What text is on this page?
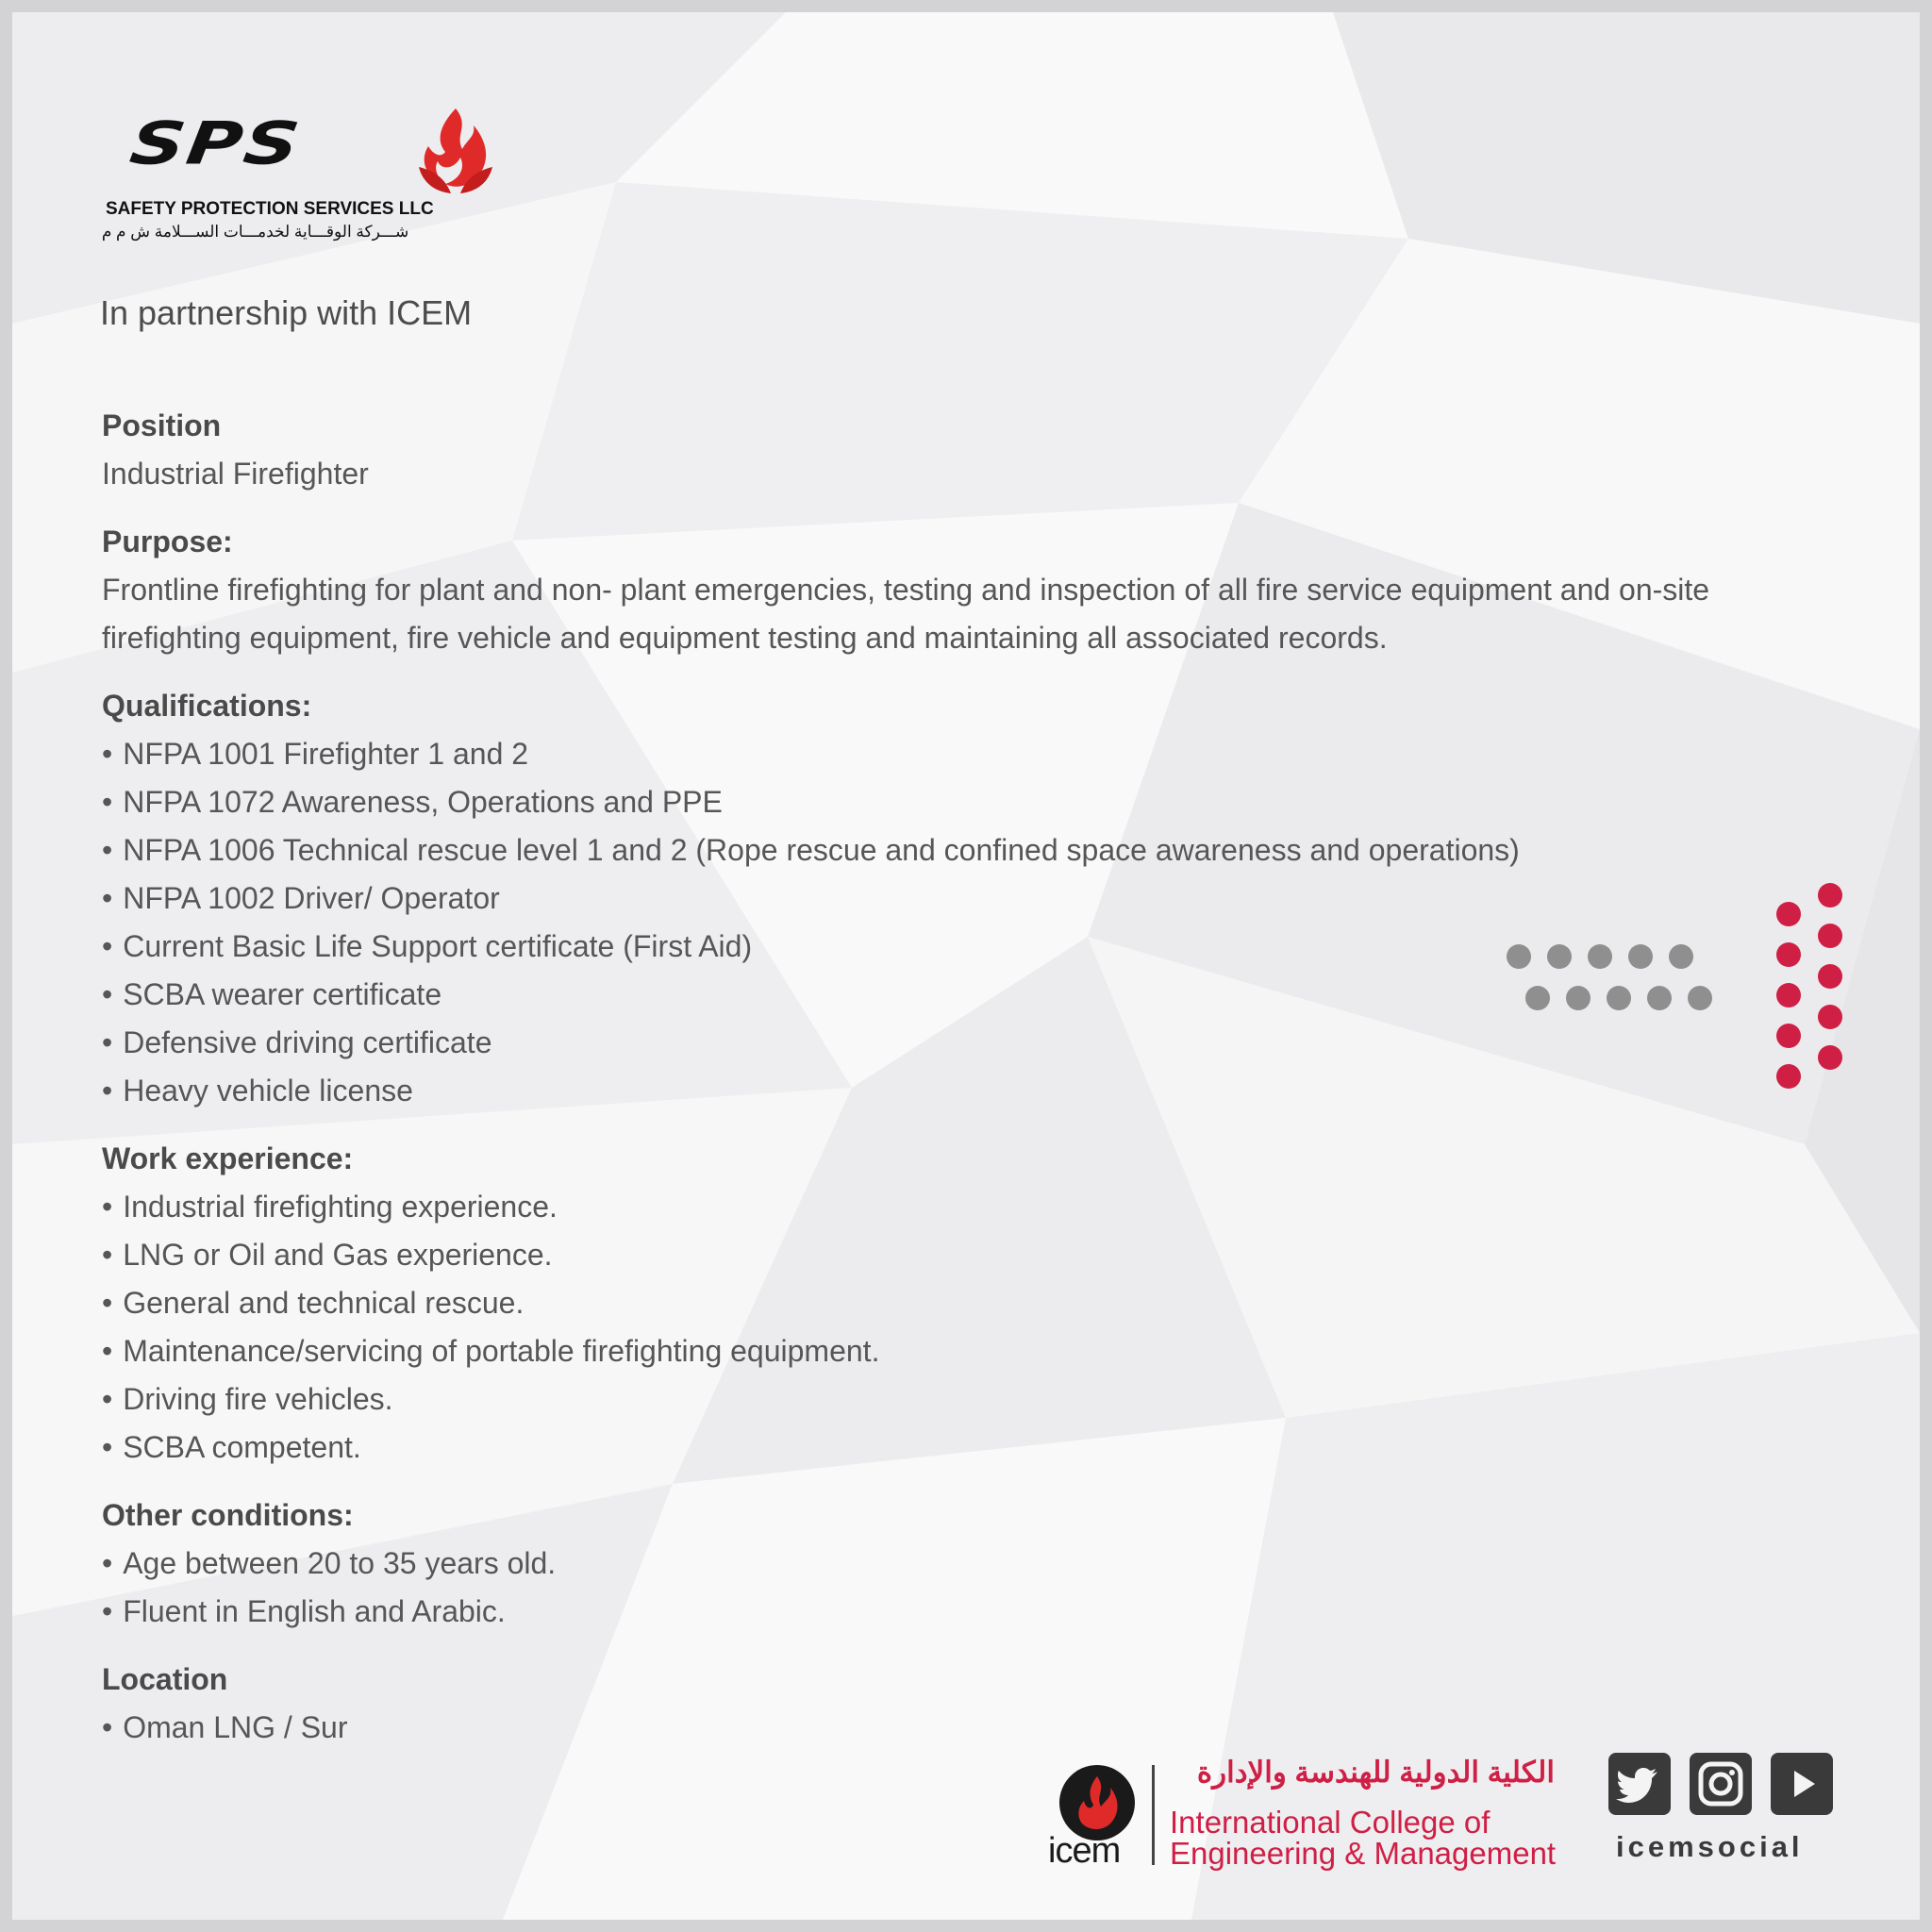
SPS
SAFETY PROTECTION SERVICES LLC
شـــركة الوقـــاية لخدمـــات الســـلامة ش م م
In partnership with ICEM
Position
Industrial Firefighter
Purpose:
Frontline firefighting for plant and non- plant emergencies, testing and inspection of all fire service equipment and on-site
firefighting equipment, fire vehicle and equipment testing and maintaining all associated records.
Qualifications:
• NFPA 1001 Firefighter 1 and 2
• NFPA 1072 Awareness, Operations and PPE
• NFPA 1006 Technical rescue level 1 and 2 (Rope rescue and confined space awareness and operations)
• NFPA 1002 Driver/ Operator
• Current Basic Life Support certificate (First Aid)
• SCBA wearer certificate
• Defensive driving certificate
• Heavy vehicle license
Work experience:
• Industrial firefighting experience.
• LNG or Oil and Gas experience.
• General and technical rescue.
• Maintenance/servicing of portable firefighting equipment.
• Driving fire vehicles.
• SCBA competent.
Other conditions:
• Age between 20 to 35 years old.
• Fluent in English and Arabic.
Location
• Oman LNG / Sur
icem
الكلية الدولية للهندسة والإدارة
International College of
Engineering & Management icemsocial
